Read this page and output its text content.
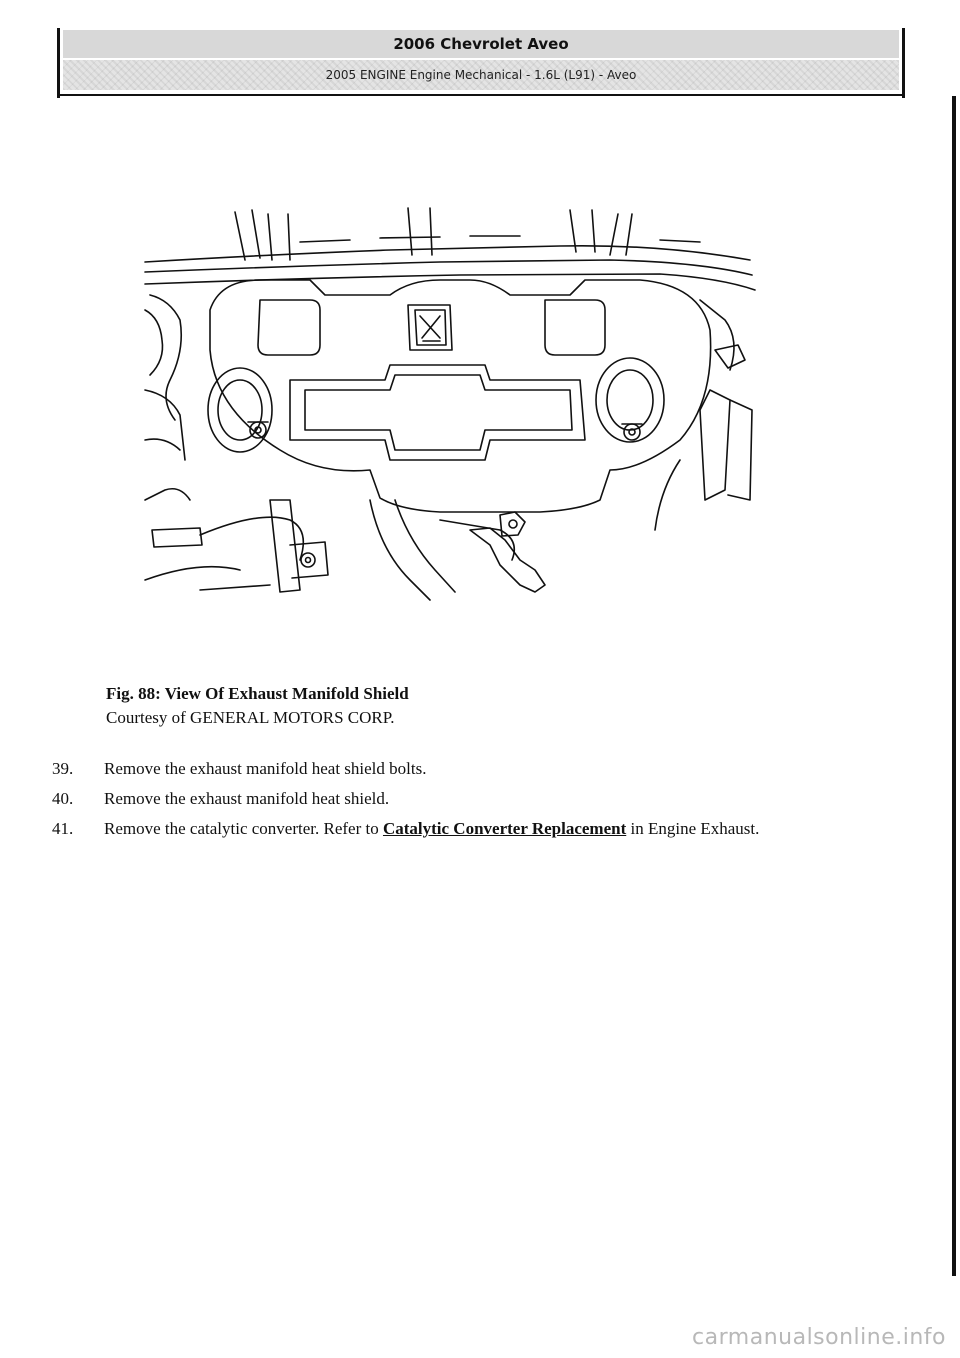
2006 Chevrolet Aveo
2005 ENGINE Engine Mechanical - 1.6L (L91) - Aveo
Fig. 88: View Of Exhaust Manifold Shield
Courtesy of GENERAL MOTORS CORP.
39.	Remove the exhaust manifold heat shield bolts.
40.	Remove the exhaust manifold heat shield.
41.	Remove the catalytic converter. Refer to Catalytic Converter Replacement in Engine Exhaust.
carmanualsonline.info
